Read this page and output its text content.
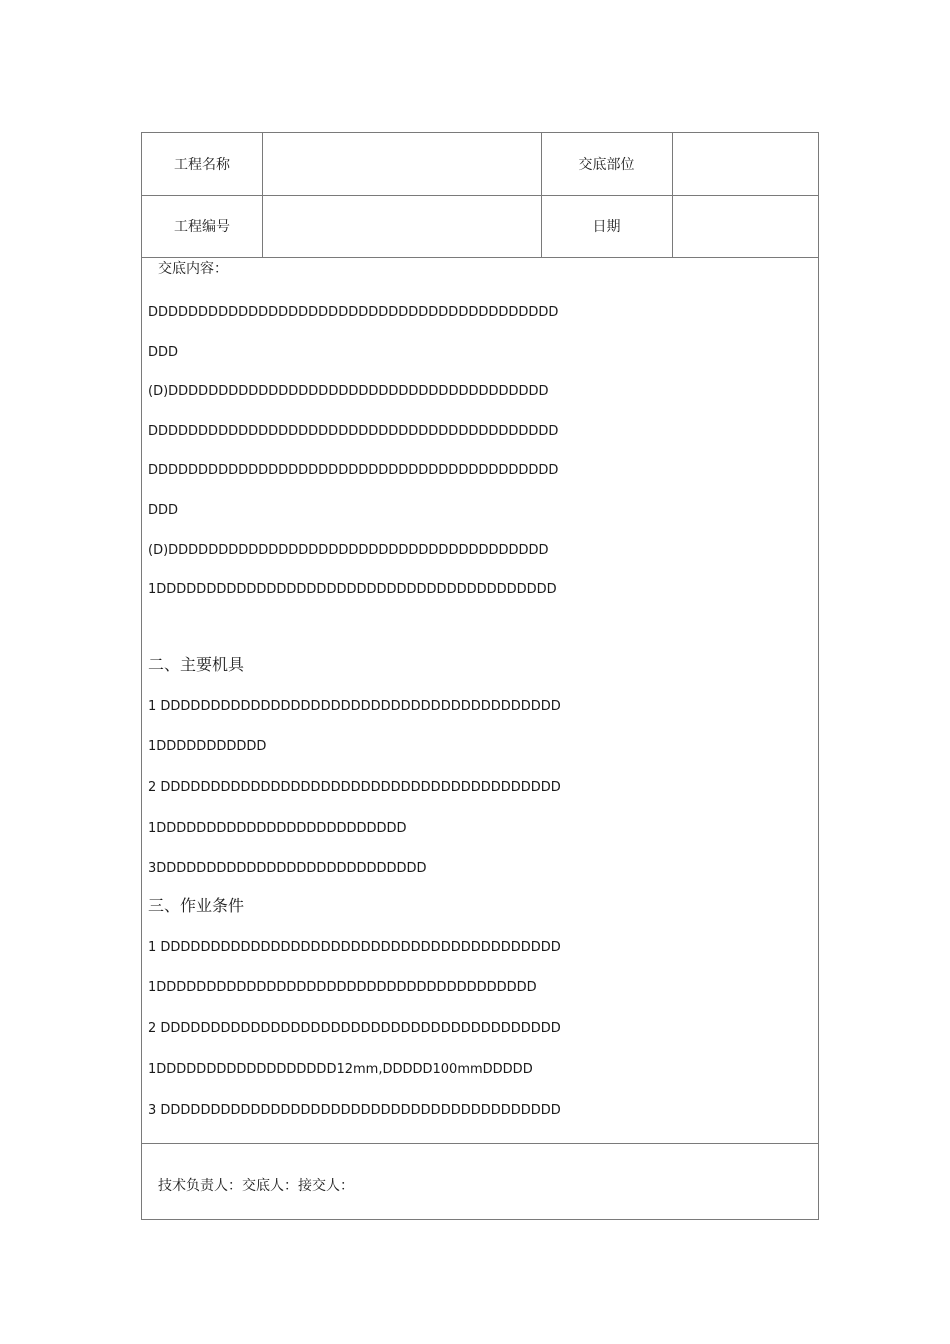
工程名称	交底部位
工程编号	日期
交底内容：
DDDDDDDDDDDDDDDDDDDDDDDDDDDDDDDDDDDDDDDDD
DDD
(D)DDDDDDDDDDDDDDDDDDDDDDDDDDDDDDDDDDDDDD
DDDDDDDDDDDDDDDDDDDDDDDDDDDDDDDDDDDDDDDDD
DDDDDDDDDDDDDDDDDDDDDDDDDDDDDDDDDDDDDDDDD
DDD
(D)DDDDDDDDDDDDDDDDDDDDDDDDDDDDDDDDDDDDDD
1DDDDDDDDDDDDDDDDDDDDDDDDDDDDDDDDDDDDDDDD
二、主要机具
1 DDDDDDDDDDDDDDDDDDDDDDDDDDDDDDDDDDDDDDDD
1DDDDDDDDDDD
2 DDDDDDDDDDDDDDDDDDDDDDDDDDDDDDDDDDDDDDDD
1DDDDDDDDDDDDDDDDDDDDDDDDD
3DDDDDDDDDDDDDDDDDDDDDDDDDDD
三、作业条件
1 DDDDDDDDDDDDDDDDDDDDDDDDDDDDDDDDDDDDDDDD
1DDDDDDDDDDDDDDDDDDDDDDDDDDDDDDDDDDDDDD
2 DDDDDDDDDDDDDDDDDDDDDDDDDDDDDDDDDDDDDDDD
1DDDDDDDDDDDDDDDDDD12mm,DDDDD100mmDDDDD
3 DDDDDDDDDDDDDDDDDDDDDDDDDDDDDDDDDDDDDDDD
技术负责人：交底人：接交人：
